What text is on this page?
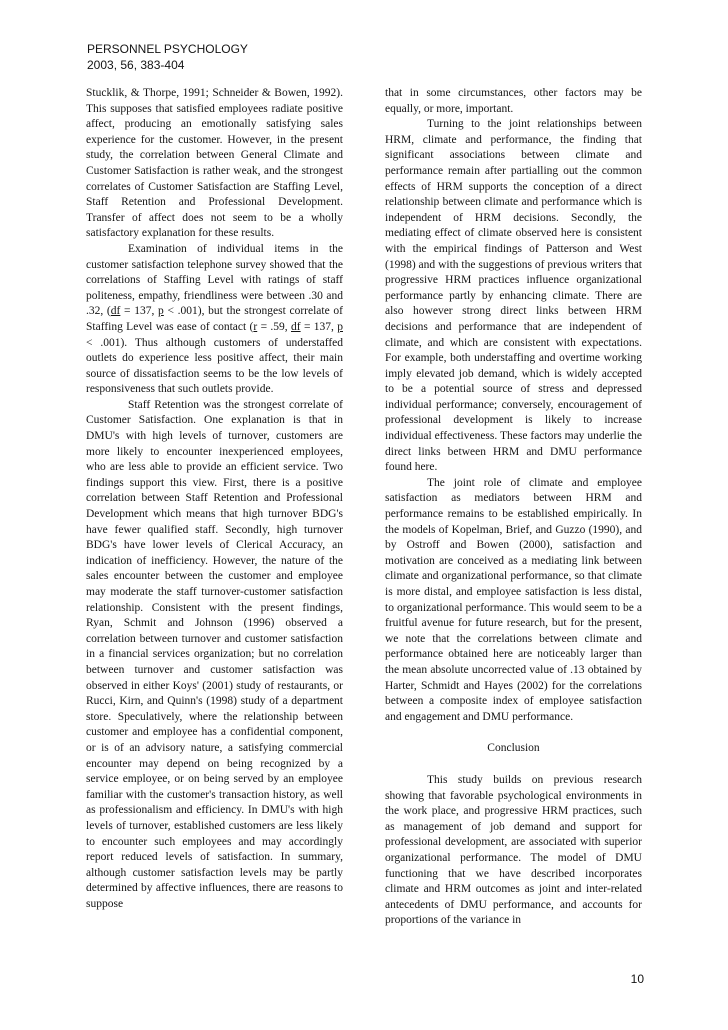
PERSONNEL PSYCHOLOGY
2003, 56, 383-404

Stucklik, & Thorpe, 1991; Schneider & Bowen, 1992). This supposes that satisfied employees radiate positive affect, producing an emotionally satisfying sales experience for the customer. However, in the present study, the correlation between General Climate and Customer Satisfaction is rather weak, and the strongest correlates of Customer Satisfaction are Staffing Level, Staff Retention and Professional Development. Transfer of affect does not seem to be a wholly satisfactory explanation for these results.

Examination of individual items in the customer satisfaction telephone survey showed that the correlations of Staffing Level with ratings of staff politeness, empathy, friendliness were between .30 and .32, (df = 137, p < .001), but the strongest correlate of Staffing Level was ease of contact (r = .59, df = 137, p < .001). Thus although customers of understaffed outlets do experience less positive affect, their main source of dissatisfaction seems to be the low levels of responsiveness that such outlets provide.

Staff Retention was the strongest correlate of Customer Satisfaction. One explanation is that in DMU's with high levels of turnover, customers are more likely to encounter inexperienced employees, who are less able to provide an efficient service. Two findings support this view. First, there is a positive correlation between Staff Retention and Professional Development which means that high turnover BDG's have fewer qualified staff. Secondly, high turnover BDG's have lower levels of Clerical Accuracy, an indication of inefficiency. However, the nature of the sales encounter between the customer and employee may moderate the staff turnover-customer satisfaction relationship. Consistent with the present findings, Ryan, Schmit and Johnson (1996) observed a correlation between turnover and customer satisfaction in a financial services organization; but no correlation between turnover and customer satisfaction was observed in either Koys' (2001) study of restaurants, or Rucci, Kirn, and Quinn's (1998) study of a department store. Speculatively, where the relationship between customer and employee has a confidential component, or is of an advisory nature, a satisfying commercial encounter may depend on being recognized by a service employee, or on being served by an employee familiar with the customer's transaction history, as well as professionalism and efficiency. In DMU's with high levels of turnover, established customers are less likely to encounter such employees and may accordingly report reduced levels of satisfaction. In summary, although customer satisfaction levels may be partly determined by affective influences, there are reasons to suppose

that in some circumstances, other factors may be equally, or more, important.

Turning to the joint relationships between HRM, climate and performance, the finding that significant associations between climate and performance remain after partialling out the common effects of HRM supports the conception of a direct relationship between climate and performance which is independent of HRM decisions. Secondly, the mediating effect of climate observed here is consistent with the empirical findings of Patterson and West (1998) and with the suggestions of previous writers that progressive HRM practices influence organizational performance partly by enhancing climate. There are also however strong direct links between HRM decisions and performance that are independent of climate, and which are consistent with expectations. For example, both understaffing and overtime working imply elevated job demand, which is widely accepted to be a potential source of stress and depressed individual performance; conversely, encouragement of professional development is likely to increase individual effectiveness. These factors may underlie the direct links between HRM and DMU performance found here.

The joint role of climate and employee satisfaction as mediators between HRM and performance remains to be established empirically. In the models of Kopelman, Brief, and Guzzo (1990), and by Ostroff and Bowen (2000), satisfaction and motivation are conceived as a mediating link between climate and organizational performance, so that climate is more distal, and employee satisfaction is less distal, to organizational performance. This would seem to be a fruitful avenue for future research, but for the present, we note that the correlations between climate and performance obtained here are noticeably larger than the mean absolute uncorrected value of .13 obtained by Harter, Schmidt and Hayes (2002) for the correlations between a composite index of employee satisfaction and engagement and DMU performance.

Conclusion

This study builds on previous research showing that favorable psychological environments in the work place, and progressive HRM practices, such as management of job demand and support for professional development, are associated with superior organizational performance. The model of DMU functioning that we have described incorporates climate and HRM outcomes as joint and inter-related antecedents of DMU performance, and accounts for proportions of the variance in

10
